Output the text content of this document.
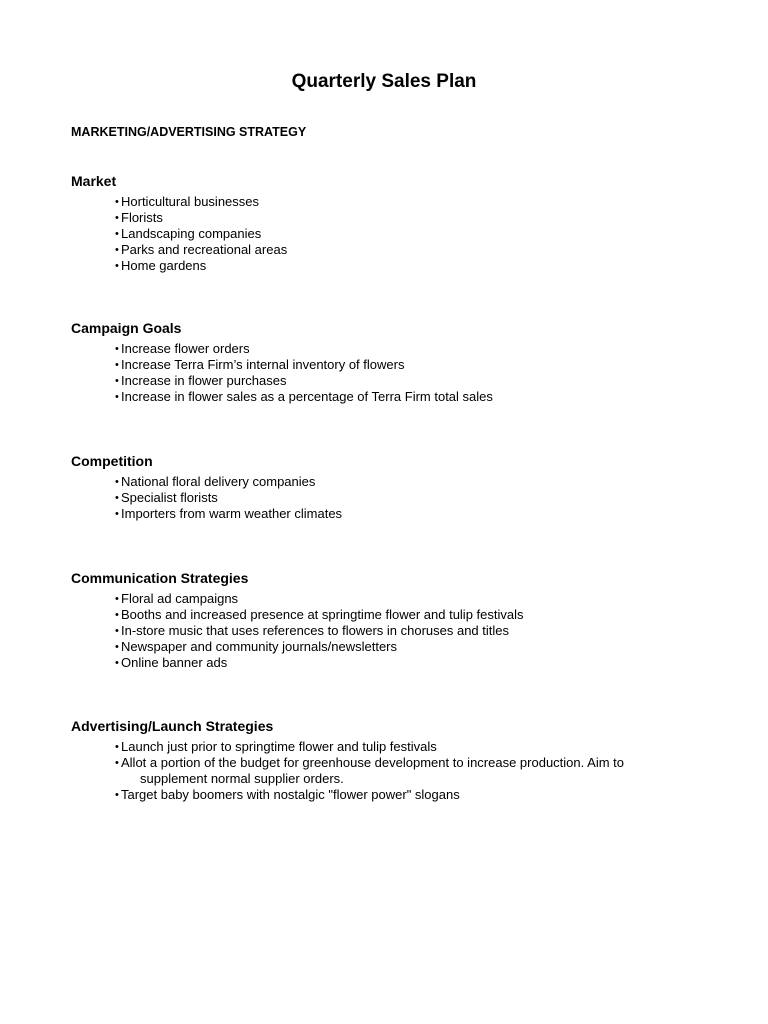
Quarterly Sales Plan
MARKETING/ADVERTISING STRATEGY
Market
• Horticultural businesses
• Florists
• Landscaping companies
• Parks and recreational areas
• Home gardens
Campaign Goals
• Increase flower orders
• Increase Terra Firm’s internal inventory of flowers
• Increase in flower purchases
• Increase in flower sales as a percentage of Terra Firm total sales
Competition
• National floral delivery companies
• Specialist florists
• Importers from warm weather climates
Communication Strategies
• Floral ad campaigns
• Booths and increased presence at springtime flower and tulip festivals
• In-store music that uses references to flowers in choruses and titles
• Newspaper and community journals/newsletters
• Online banner ads
Advertising/Launch Strategies
• Launch just prior to springtime flower and tulip festivals
• Allot a portion of the budget for greenhouse development to increase production. Aim to
supplement normal supplier orders.
• Target baby boomers with nostalgic "flower power" slogans
